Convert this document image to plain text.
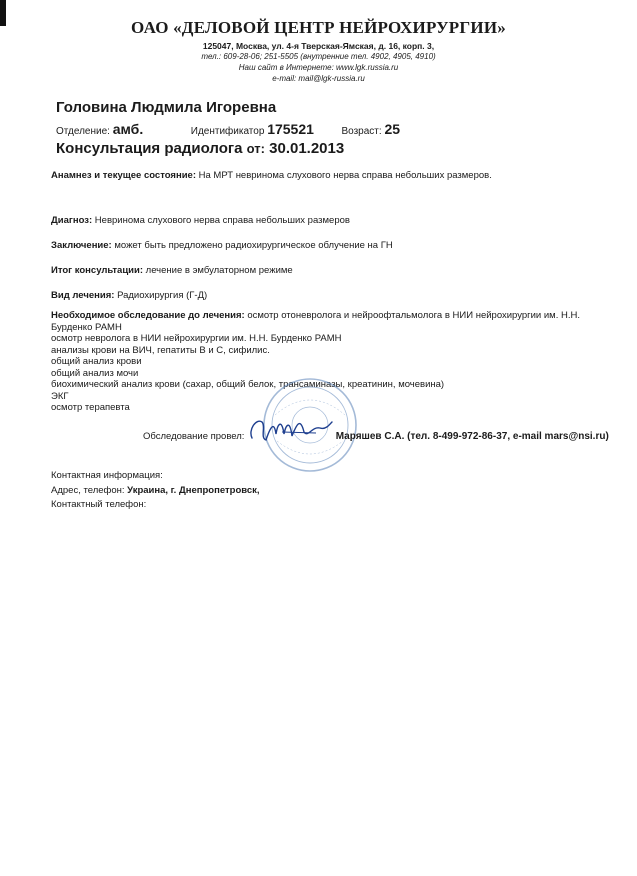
ОАО «ДЕЛОВОЙ ЦЕНТР НЕЙРОХИРУРГИИ»
125047, Москва, ул. 4-я Тверская-Ямская, д. 16, корп. 3,
тел.: 609-28-06; 251-5505 (внутренние тел. 4902, 4905, 4910)
Наш сайт в Интернете: www.lgk.russia.ru
e-mail: mail@lgk-russia.ru
Головина Людмила Игоревна
Отделение: амб.	Идентификатор 175521	Возраст: 25
Консультация радиолога от: 30.01.2013
Анамнез и текущее состояние: На МРТ невринома слухового нерва справа небольших размеров.
Диагноз: Невринома слухового нерва справа небольших размеров
Заключение: может быть предложено радиохирургическое облучение на ГН
Итог консультации: лечение в эмбулаторном режиме
Вид лечения: Радиохирургия (Г-Д)
Необходимое обследование до лечения: осмотр отоневролога и нейроофтальмолога в НИИ нейрохирургии им. Н.Н.
Бурденко РАМН
осмотр невролога в НИИ нейрохирургии им. Н.Н. Бурденко РАМН
анализы крови на ВИЧ, гепатиты В и С, сифилис.
общий анализ крови
общий анализ мочи
биохимический анализ крови (сахар, общий белок, трансаминазы, креатинин, мочевина)
ЭКГ
осмотр терапевта
Обследование провел:	Маряшев С.А. (тел. 8-499-972-86-37, e-mail mars@nsi.ru)
Контактная информация:
Адрес, телефон: Украина, г. Днепропетровск,
Контактный телефон:
